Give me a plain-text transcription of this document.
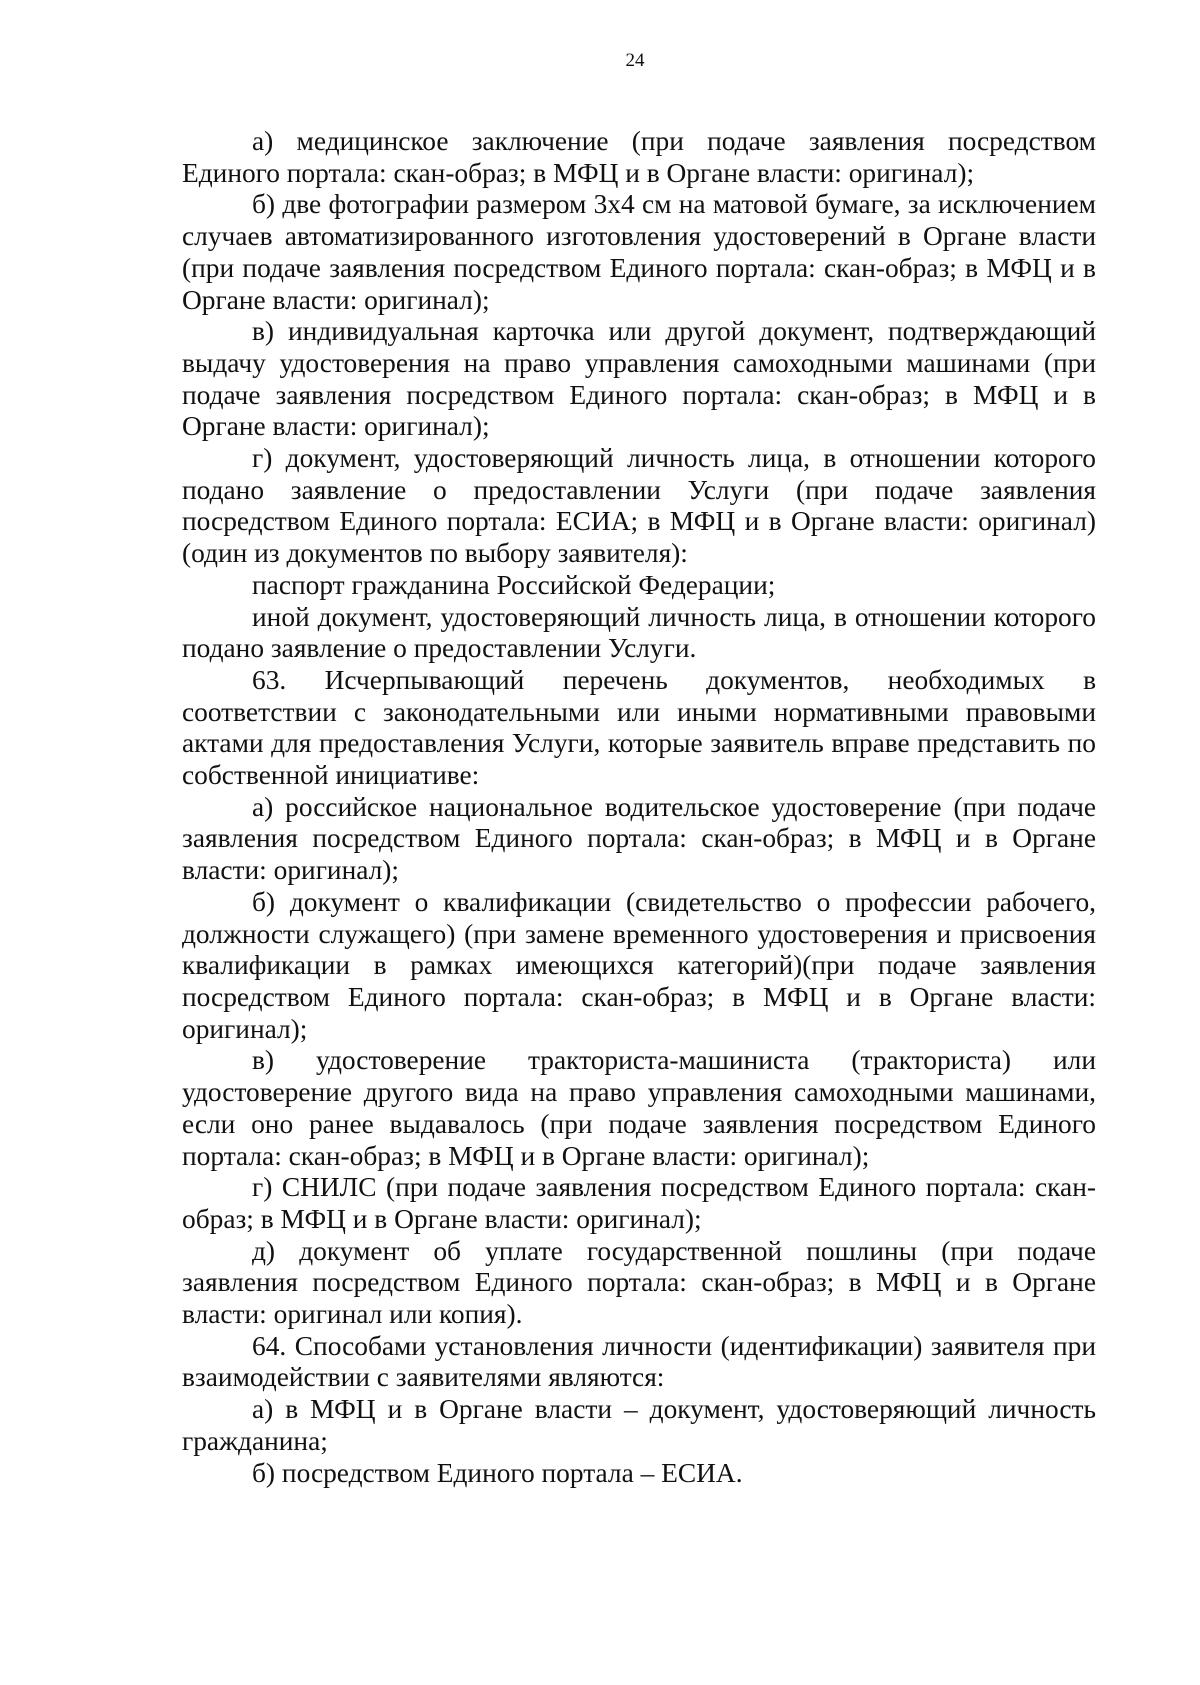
24

а) медицинское заключение (при подаче заявления посредством Единого портала: скан-образ; в МФЦ и в Органе власти: оригинал);

б) две фотографии размером 3x4 см на матовой бумаге, за исключением случаев автоматизированного изготовления удостоверений в Органе власти (при подаче заявления посредством Единого портала: скан-образ; в МФЦ и в Органе власти: оригинал);

в) индивидуальная карточка или другой документ, подтверждающий выдачу удостоверения на право управления самоходными машинами (при подаче заявления посредством Единого портала: скан-образ; в МФЦ и в Органе власти: оригинал);

г) документ, удостоверяющий личность лица, в отношении которого подано заявление о предоставлении Услуги (при подаче заявления посредством Единого портала: ЕСИА; в МФЦ и в Органе власти: оригинал) (один из документов по выбору заявителя):

паспорт гражданина Российской Федерации;

иной документ, удостоверяющий личность лица, в отношении которого подано заявление о предоставлении Услуги.

63. Исчерпывающий перечень документов, необходимых в соответствии с законодательными или иными нормативными правовыми актами для предоставления Услуги, которые заявитель вправе представить по собственной инициативе:

а) российское национальное водительское удостоверение (при подаче заявления посредством Единого портала: скан-образ; в МФЦ и в Органе власти: оригинал);

б) документ о квалификации (свидетельство о профессии рабочего, должности служащего) (при замене временного удостоверения и присвоения квалификации в рамках имеющихся категорий)(при подаче заявления посредством Единого портала: скан-образ; в МФЦ и в Органе власти: оригинал);

в) удостоверение тракториста-машиниста (тракториста) или удостоверение другого вида на право управления самоходными машинами, если оно ранее выдавалось (при подаче заявления посредством Единого портала: скан-образ; в МФЦ и в Органе власти: оригинал);

г) СНИЛС (при подаче заявления посредством Единого портала: скан-образ; в МФЦ и в Органе власти: оригинал);

д) документ об уплате государственной пошлины (при подаче заявления посредством Единого портала: скан-образ; в МФЦ и в Органе власти: оригинал или копия).

64. Способами установления личности (идентификации) заявителя при взаимодействии с заявителями являются:

а) в МФЦ и в Органе власти – документ, удостоверяющий личность гражданина;

б) посредством Единого портала – ЕСИА.
